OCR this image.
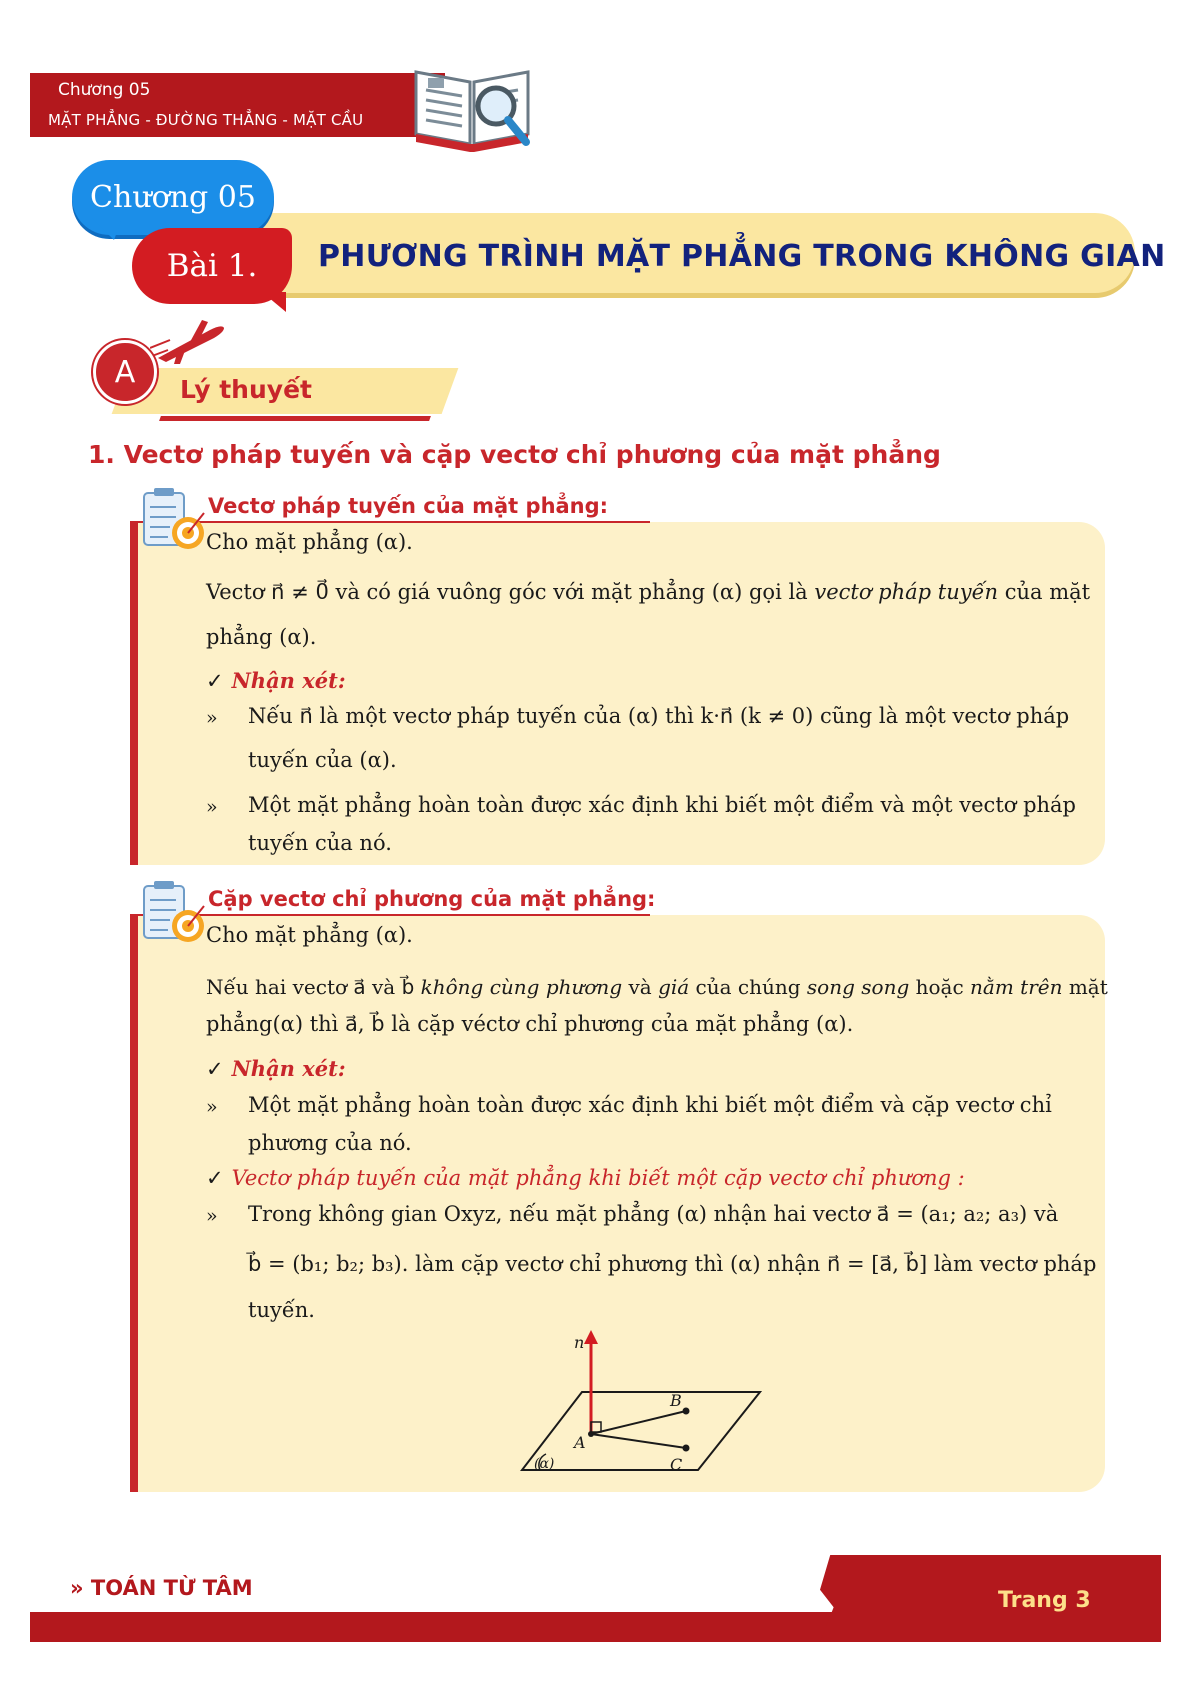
Chương 05
MẶT PHẲNG - ĐƯỜNG THẲNG - MẶT CẦU
Chương 05
Bài 1.	PHƯƠNG TRÌNH MẶT PHẲNG TRONG KHÔNG GIAN
A	Lý thuyết
1. Vectơ pháp tuyến và cặp vectơ chỉ phương của mặt phẳng
Vectơ pháp tuyến của mặt phẳng:
Cho mặt phẳng (α).
Vectơ n⃗ ≠ 0⃗ và có giá vuông góc với mặt phẳng (α) gọi là vectơ pháp tuyến của mặt
phẳng (α).
✓ Nhận xét:
» Nếu n⃗ là một vectơ pháp tuyến của (α) thì k·n⃗ (k ≠ 0) cũng là một vectơ pháp
tuyến của (α).
» Một mặt phẳng hoàn toàn được xác định khi biết một điểm và một vectơ pháp
tuyến của nó.
Cặp vectơ chỉ phương của mặt phẳng:
Cho mặt phẳng (α).
Nếu hai vectơ a⃗ và b⃗ không cùng phương và giá của chúng song song hoặc nằm trên mặt
phẳng(α) thì a⃗, b⃗ là cặp véctơ chỉ phương của mặt phẳng (α).
✓ Nhận xét:
» Một mặt phẳng hoàn toàn được xác định khi biết một điểm và cặp vectơ chỉ
phương của nó.
✓ Vectơ pháp tuyến của mặt phẳng khi biết một cặp vectơ chỉ phương :
» Trong không gian Oxyz, nếu mặt phẳng (α) nhận hai vectơ a⃗ = (a₁; a₂; a₃) và
b⃗ = (b₁; b₂; b₃). làm cặp vectơ chỉ phương thì (α) nhận n⃗ = [a⃗, b⃗] làm vectơ pháp
tuyến.
n
A
B
C
(α)
» TOÁN TỪ TÂM	Trang 3
